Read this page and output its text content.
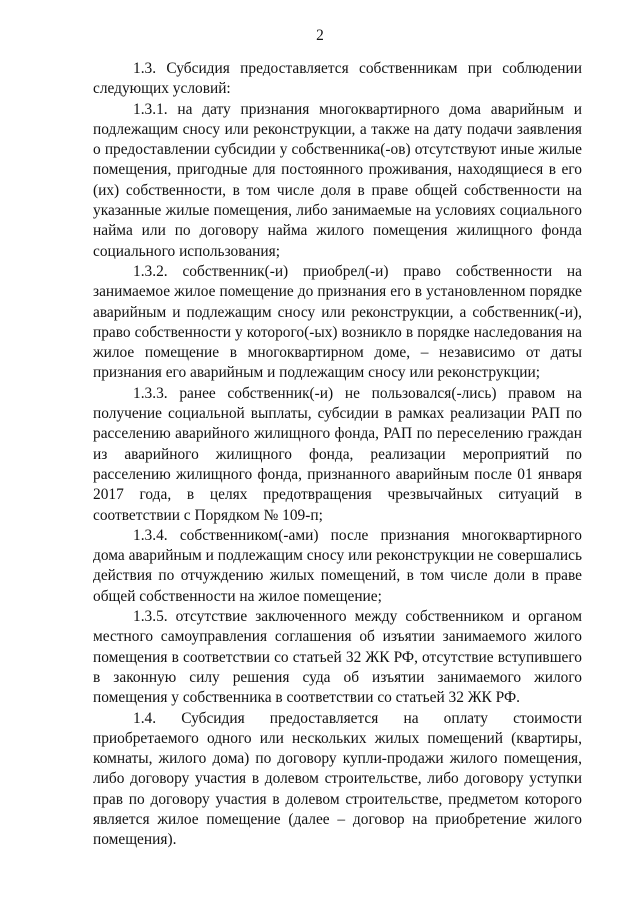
2

1.3. Субсидия предоставляется собственникам при соблюдении следующих условий:

1.3.1. на дату признания многоквартирного дома аварийным и подлежащим сносу или реконструкции, а также на дату подачи заявления о предоставлении субсидии у собственника(-ов) отсутствуют иные жилые помещения, пригодные для постоянного проживания, находящиеся в его (их) собственности, в том числе доля в праве общей собственности на указанные жилые помещения, либо занимаемые на условиях социального найма или по договору найма жилого помещения жилищного фонда социального использования;

1.3.2. собственник(-и) приобрел(-и) право собственности на занимаемое жилое помещение до признания его в установленном порядке аварийным и подлежащим сносу или реконструкции, а собственник(-и), право собственности у которого(-ых) возникло в порядке наследования на жилое помещение в многоквартирном доме, – независимо от даты признания его аварийным и подлежащим сносу или реконструкции;

1.3.3. ранее собственник(-и) не пользовался(-лись) правом на получение социальной выплаты, субсидии в рамках реализации РАП по расселению аварийного жилищного фонда, РАП по переселению граждан из аварийного жилищного фонда, реализации мероприятий по расселению жилищного фонда, признанного аварийным после 01 января 2017 года, в целях предотвращения чрезвычайных ситуаций в соответствии с Порядком № 109-п;

1.3.4. собственником(-ами) после признания многоквартирного дома аварийным и подлежащим сносу или реконструкции не совершались действия по отчуждению жилых помещений, в том числе доли в праве общей собственности на жилое помещение;

1.3.5. отсутствие заключенного между собственником и органом местного самоуправления соглашения об изъятии занимаемого жилого помещения в соответствии со статьей 32 ЖК РФ, отсутствие вступившего в законную силу решения суда об изъятии занимаемого жилого помещения у собственника в соответствии со статьей 32 ЖК РФ.

1.4. Субсидия предоставляется на оплату стоимости приобретаемого одного или нескольких жилых помещений (квартиры, комнаты, жилого дома) по договору купли-продажи жилого помещения, либо договору участия в долевом строительстве, либо договору уступки прав по договору участия в долевом строительстве, предметом которого является жилое помещение (далее – договор на приобретение жилого помещения).
